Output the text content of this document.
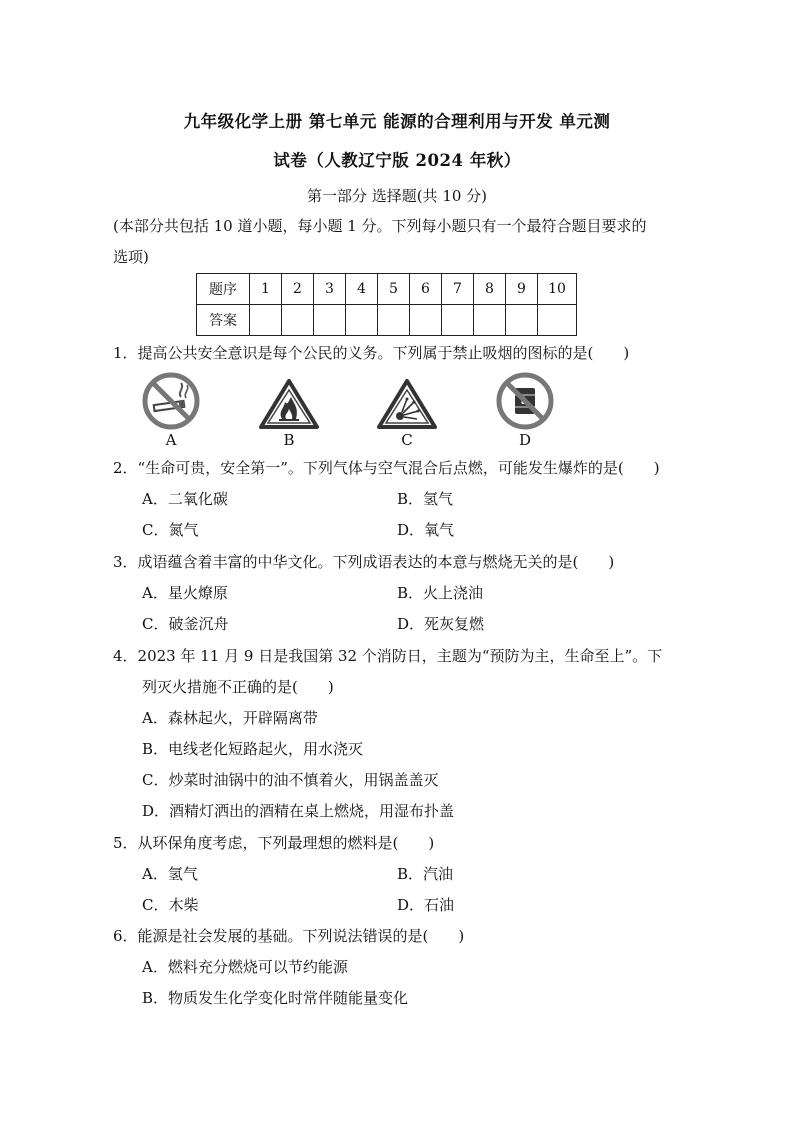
九年级化学上册 第七单元 能源的合理利用与开发 单元测
试卷（人教辽宁版 2024 年秋）
第一部分 选择题(共 10 分)
(本部分共包括 10 道小题，每小题 1 分。下列每小题只有一个最符合题目要求的
选项)
题序	1	2	3	4	5	6	7	8	9	10
答案										
1．提高公共安全意识是每个公民的义务。下列属于禁止吸烟的图标的是(　　)
A	B	C	D
2．“生命可贵，安全第一”。下列气体与空气混合后点燃，可能发生爆炸的是(　　)
A．二氧化碳	B．氢气
C．氮气	D．氧气
3．成语蕴含着丰富的中华文化。下列成语表达的本意与燃烧无关的是(　　)
A．星火燎原	B．火上浇油
C．破釜沉舟	D．死灰复燃
4．2023 年 11 月 9 日是我国第 32 个消防日，主题为“预防为主，生命至上”。下
列灭火措施不正确的是(　　)
A．森林起火，开辟隔离带
B．电线老化短路起火，用水浇灭
C．炒菜时油锅中的油不慎着火，用锅盖盖灭
D．酒精灯洒出的酒精在桌上燃烧，用湿布扑盖
5．从环保角度考虑，下列最理想的燃料是(　　)
A．氢气	B．汽油
C．木柴	D．石油
6．能源是社会发展的基础。下列说法错误的是(　　)
A．燃料充分燃烧可以节约能源
B．物质发生化学变化时常伴随能量变化
